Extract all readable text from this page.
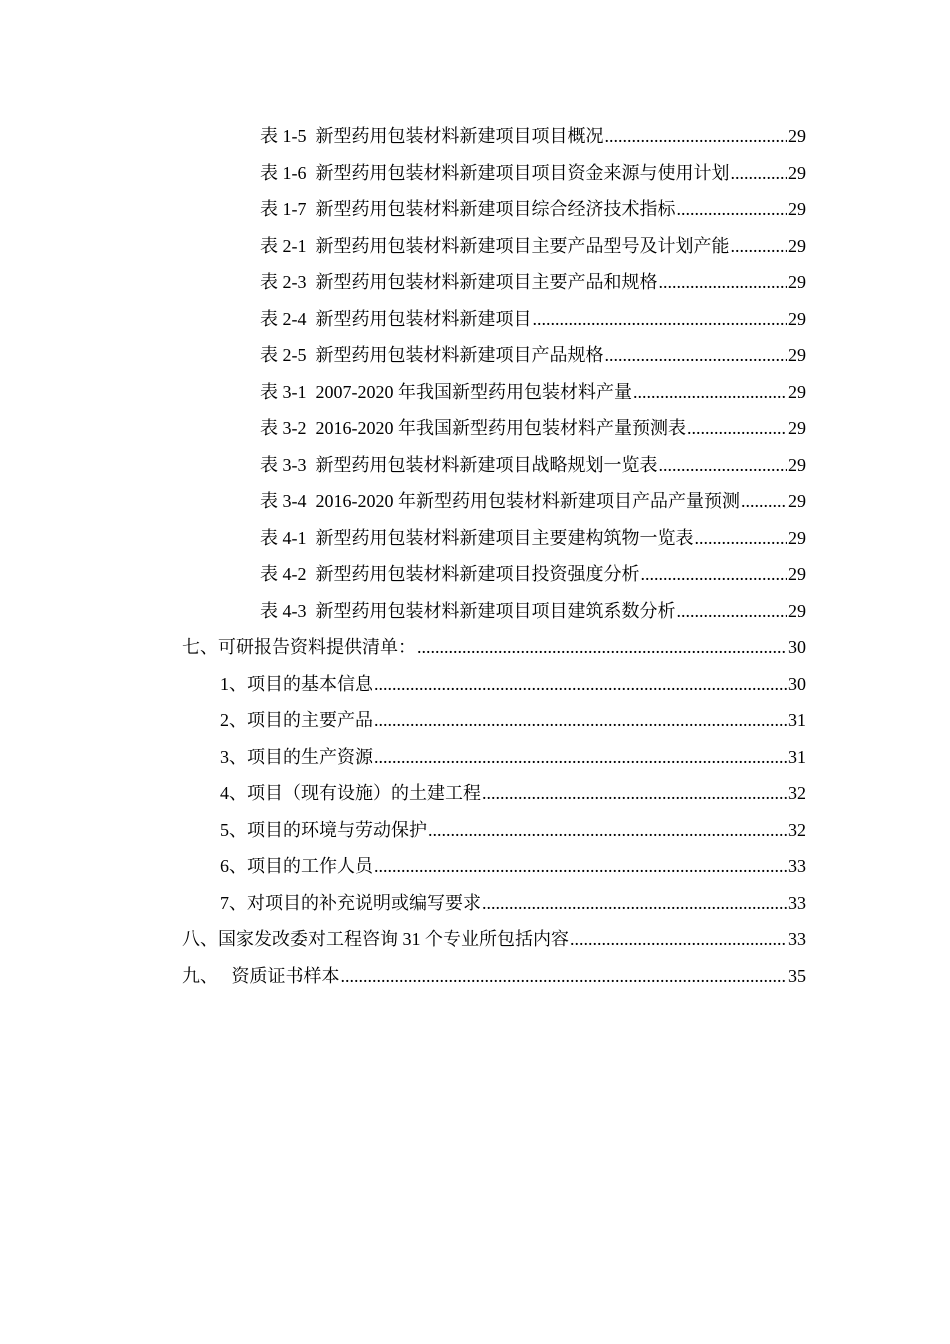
表 1-5  新型药用包装材料新建项目项目概况 .....	29
表 1-6  新型药用包装材料新建项目项目资金来源与使用计划 .....	29
表 1-7  新型药用包装材料新建项目综合经济技术指标 .....	29
表 2-1  新型药用包装材料新建项目主要产品型号及计划产能 .....	29
表 2-3  新型药用包装材料新建项目主要产品和规格 .....	29
表 2-4  新型药用包装材料新建项目 .....	29
表 2-5  新型药用包装材料新建项目产品规格 .....	29
表 3-1  2007-2020 年我国新型药用包装材料产量 .....	29
表 3-2  2016-2020 年我国新型药用包装材料产量预测表 .....	29
表 3-3  新型药用包装材料新建项目战略规划一览表 .....	29
表 3-4  2016-2020 年新型药用包装材料新建项目产品产量预测 .....	29
表 4-1  新型药用包装材料新建项目主要建构筑物一览表 .....	29
表 4-2  新型药用包装材料新建项目投资强度分析 .....	29
表 4-3  新型药用包装材料新建项目项目建筑系数分析 .....	29
七、可研报告资料提供清单： .....	30
1、项目的基本信息 .....	30
2、项目的主要产品 .....	31
3、项目的生产资源 .....	31
4、项目（现有设施）的土建工程 .....	32
5、项目的环境与劳动保护 .....	32
6、项目的工作人员 .....	33
7、对项目的补充说明或编写要求 .....	33
八、国家发改委对工程咨询 31 个专业所包括内容 .....	33
九、   资质证书样本 .....	35
